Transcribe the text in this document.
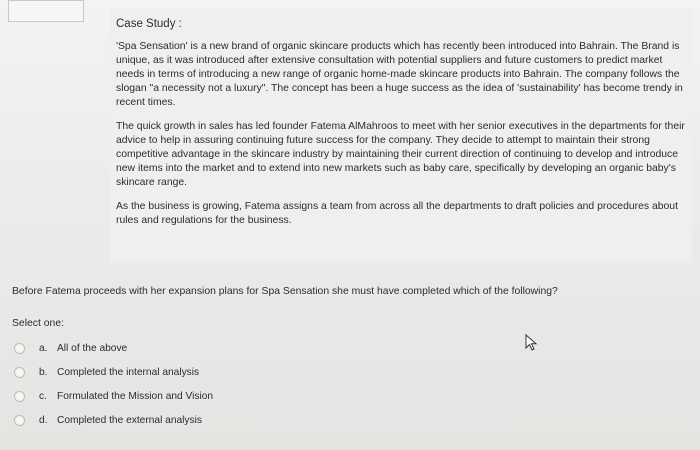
Case Study :

'Spa Sensation' is a new brand of organic skincare products which has recently been introduced into Bahrain. The Brand is unique, as it was introduced after extensive consultation with potential suppliers and future customers to predict market needs in terms of introducing a new range of organic home-made skincare products into Bahrain. The company follows the slogan "a necessity not a luxury". The concept has been a huge success as the idea of 'sustainability' has become trendy in recent times.

The quick growth in sales has led founder Fatema AlMahroos to meet with her senior executives in the departments for their advice to help in assuring continuing future success for the company. They decide to attempt to maintain their strong competitive advantage in the skincare industry by maintaining their current direction of continuing to develop and introduce new items into the market and to extend into new markets such as baby care, specifically by developing an organic baby's skincare range.

As the business is growing, Fatema assigns a team from across all the departments to draft policies and procedures about rules and regulations for the business.

Before Fatema proceeds with her expansion plans for Spa Sensation she must have completed which of the following?
Select one:
a. All of the above
b. Completed the internal analysis
c. Formulated the Mission and Vision
d. Completed the external analysis
